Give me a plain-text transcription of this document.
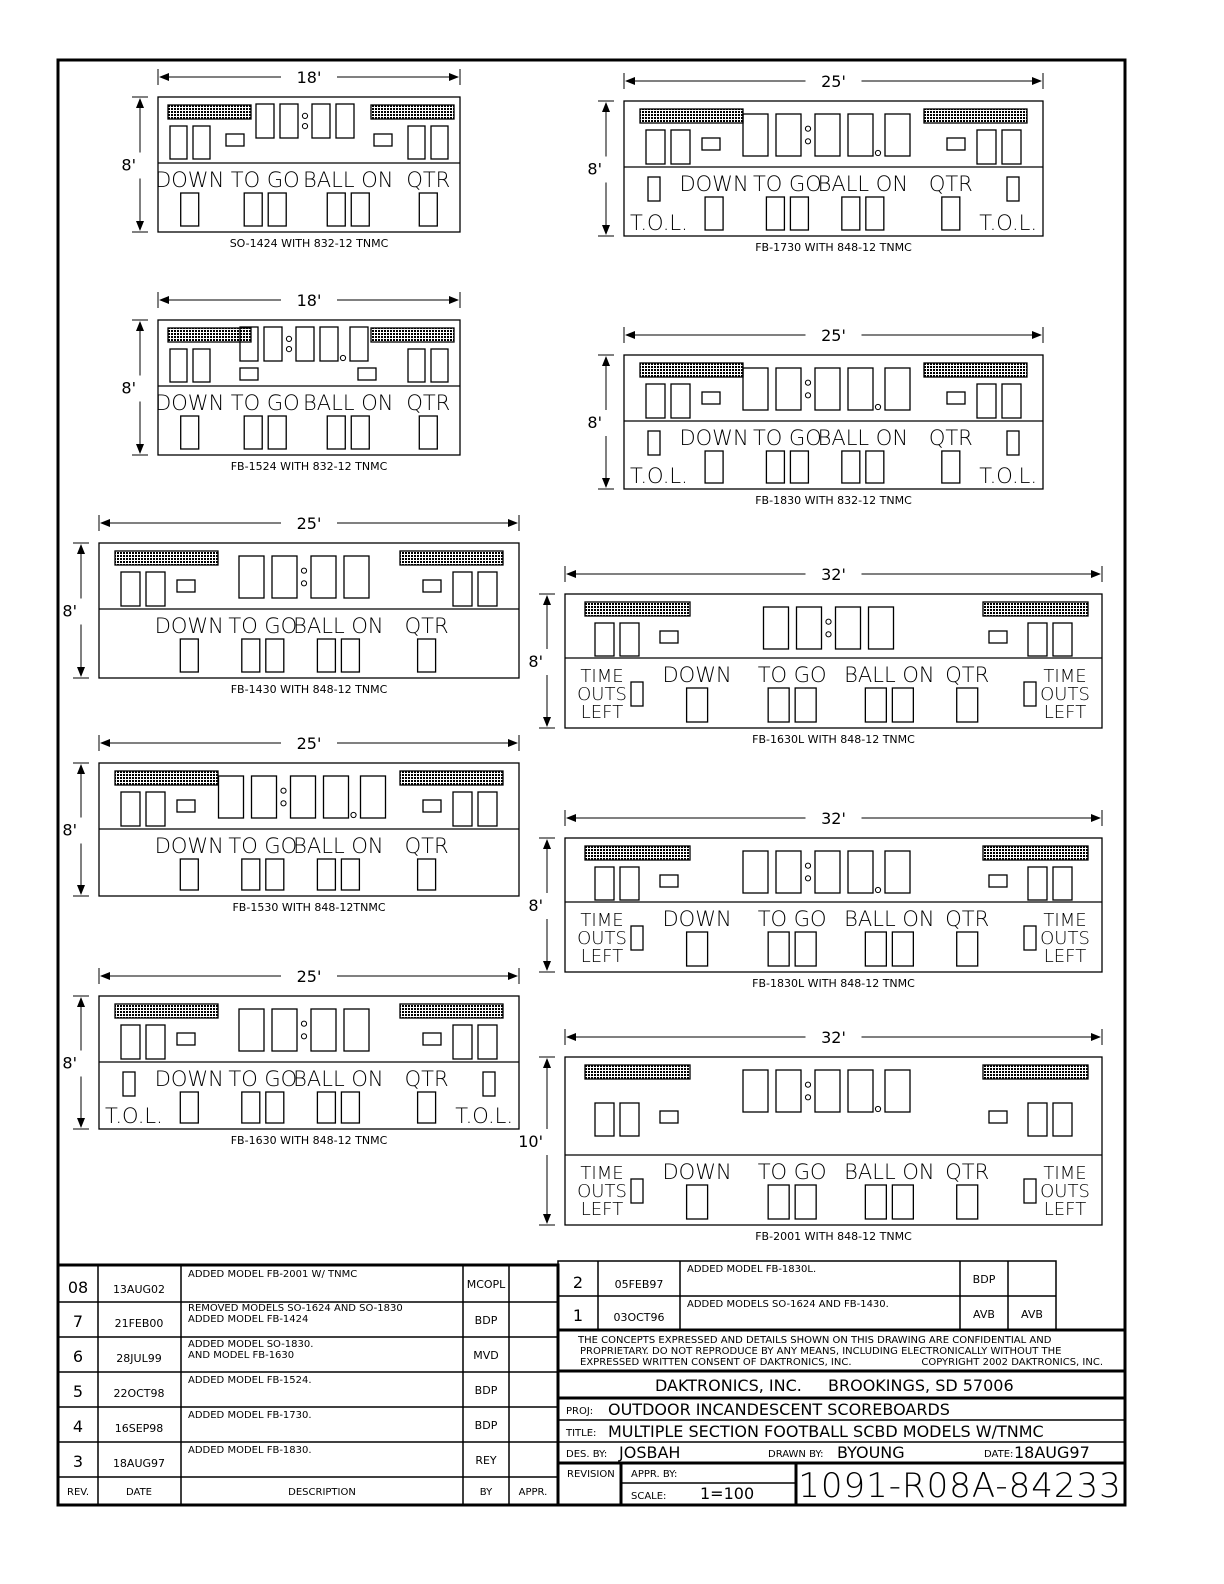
18'
8'
DOWN TO GO BALL ON QTR
SO-1424 WITH 832-12 TNMC
18'
8'
DOWN TO GO BALL ON QTR
FB-1524 WITH 832-12 TNMC
25'
8'
DOWN TO GO
BALL ON QTR
FB-1430 WITH 848-12 TNMC
25'
8'
DOWN TO GO
BALL ON QTR
FB-1530 WITH 848-12TNMC
25'
8'
DOWN TO GO
BALL ON QTR
T.O.L.	T.O.L.
FB-1630 WITH 848-12 TNMC
25'
8'
DOWN TO GO
BALL ON QTR
T.O.L.	T.O.L.
FB-1730 WITH 848-12 TNMC
25'
8'
DOWN TO GO
BALL ON QTR
T.O.L.	T.O.L.
FB-1830 WITH 832-12 TNMC
32'
8'
DOWN TO GO BALL ON QTR
TIME OUTS LEFT
TIME OUTS LEFT
FB-1630L WITH 848-12 TNMC
32'
8'
DOWN TO GO BALL ON QTR
TIME OUTS LEFT
TIME OUTS LEFT
FB-1830L WITH 848-12 TNMC
32'
10'
DOWN TO GO BALL ON QTR
TIME OUTS LEFT
TIME OUTS LEFT
FB-2001 WITH 848-12 TNMC
08 13AUG02
ADDED MODEL FB-2001 W/ TNMC
MCOPL
7	21FEB00
REMOVED MODELS SO-1624 AND SO-1830
ADDED MODEL FB-1424	BDP
6	28JUL99
ADDED MODEL SO-1830.
AND MODEL FB-1630	MVD
5	22OCT98
ADDED MODEL FB-1524.
BDP
4	16SEP98
ADDED MODEL FB-1730.
BDP
3	18AUG97
ADDED MODEL FB-1830.
REY
REV.	DATE	DESCRIPTION	BY	APPR.
2	05FEB97
ADDED MODEL FB-1830L.
BDP
1	03OCT96
ADDED MODELS SO-1624 AND FB-1430.
AVB AVB
THE CONCEPTS EXPRESSED AND DETAILS SHOWN ON THIS DRAWING ARE CONFIDENTIAL AND
PROPRIETARY. DO NOT REPRODUCE BY ANY MEANS, INCLUDING ELECTRONICALLY WITHOUT THE
EXPRESSED WRITTEN CONSENT OF DAKTRONICS, INC.	COPYRIGHT 2002 DAKTRONICS, INC.
DAKTRONICS, INC. BROOKINGS, SD 57006
PROJ: OUTDOOR INCANDESCENT SCOREBOARDS
TITLE: MULTIPLE SECTION FOOTBALL SCBD MODELS W/TNMC
DES. BY: JOSBAH	DRAWN BY: BYOUNG	DATE: 18AUG97
REVISION APPR. BY:
SCALE: 1=100 1091-R08A-84233
